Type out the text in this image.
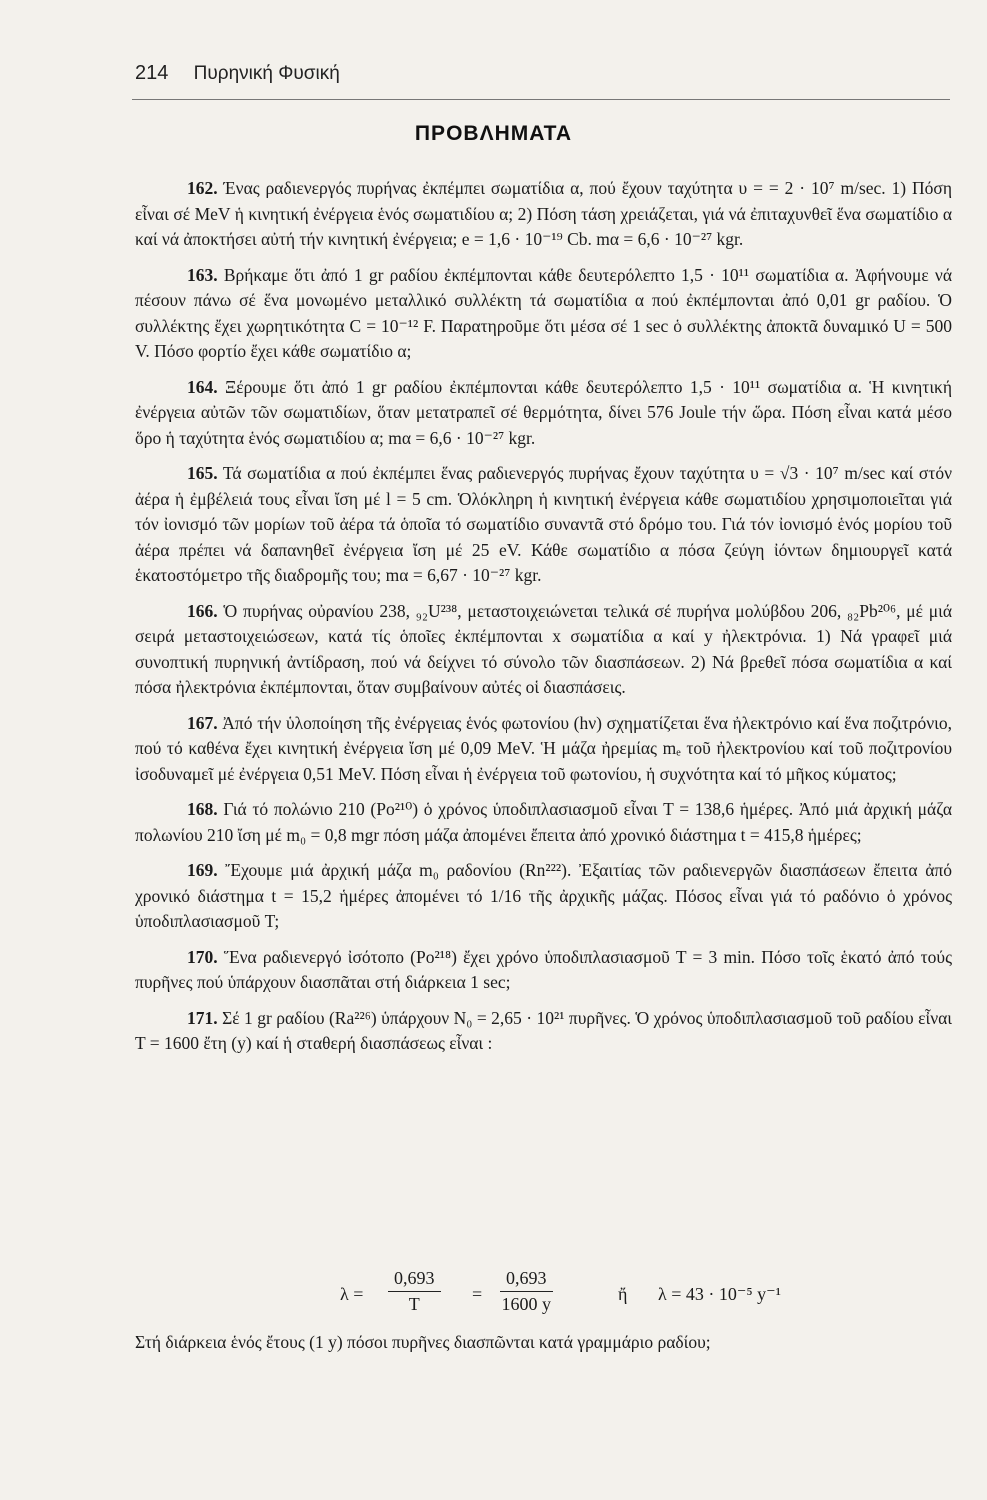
214 Πυρηνική Φυσική
ΠΡΟΒΛΗΜΑΤΑ

162. Ένας ραδιενεργός πυρήνας ἐκπέμπει σωματίδια α, πού ἔχουν ταχύτητα υ = = 2 · 10⁷ m/sec. 1) Πόση εἶναι σέ MeV ἡ κινητική ἐνέργεια ἑνός σωματιδίου α; 2) Πόση τάση χρειάζεται, γιά νά ἐπιταχυνθεῖ ἕνα σωματίδιο α καί νά ἀποκτήσει αὐτή τήν κινητική ἐνέργεια; e = 1,6 · 10⁻¹⁹ Cb. mα = 6,6 · 10⁻²⁷ kgr.

163. Βρήκαμε ὅτι ἀπό 1 gr ραδίου ἐκπέμπονται κάθε δευτερόλεπτο 1,5 · 10¹¹ σωματίδια α. Ἀφήνουμε νά πέσουν πάνω σέ ἕνα μονωμένο μεταλλικό συλλέκτη τά σωματίδια α πού ἐκπέμπονται ἀπό 0,01 gr ραδίου. Ὁ συλλέκτης ἔχει χωρητικότητα C = 10⁻¹² F. Παρατηροῦμε ὅτι μέσα σέ 1 sec ὁ συλλέκτης ἀποκτᾶ δυναμικό U = 500 V. Πόσο φορτίο ἔχει κάθε σωματίδιο α;

164. Ξέρουμε ὅτι ἀπό 1 gr ραδίου ἐκπέμπονται κάθε δευτερόλεπτο 1,5 · 10¹¹ σωματίδια α. Ἡ κινητική ἐνέργεια αὐτῶν τῶν σωματιδίων, ὅταν μετατραπεῖ σέ θερμότητα, δίνει 576 Joule τήν ὥρα. Πόση εἶναι κατά μέσο ὅρο ἡ ταχύτητα ἑνός σωματιδίου α; mα = 6,6 · 10⁻²⁷ kgr.

165. Τά σωματίδια α πού ἐκπέμπει ἕνας ραδιενεργός πυρήνας ἔχουν ταχύτητα υ = √3 · 10⁷ m/sec καί στόν ἀέρα ἡ ἐμβέλειά τους εἶναι ἴση μέ l = 5 cm. Ὁλόκληρη ἡ κινητική ἐνέργεια κάθε σωματιδίου χρησιμοποιεῖται γιά τόν ἰονισμό τῶν μορίων τοῦ ἀέρα τά ὁποῖα τό σωματίδιο συναντᾶ στό δρόμο του. Γιά τόν ἰονισμό ἑνός μορίου τοῦ ἀέρα πρέπει νά δαπανηθεῖ ἐνέργεια ἴση μέ 25 eV. Κάθε σωματίδιο α πόσα ζεύγη ἰόντων δημιουργεῖ κατά ἑκατοστόμετρο τῆς διαδρομῆς του; mα = 6,67 · 10⁻²⁷ kgr.

166. Ὁ πυρήνας οὐρανίου 238, ₉₂U²³⁸, μεταστοιχειώνεται τελικά σέ πυρήνα μολύβδου 206, ₈₂Pb²⁰⁶, μέ μιά σειρά μεταστοιχειώσεων, κατά τίς ὁποῖες ἐκπέμπονται x σωματίδια α καί y ἠλεκτρόνια. 1) Νά γραφεῖ μιά συνοπτική πυρηνική ἀντίδραση, πού νά δείχνει τό σύνολο τῶν διασπάσεων. 2) Νά βρεθεῖ πόσα σωματίδια α καί πόσα ἠλεκτρόνια ἐκπέμπονται, ὅταν συμβαίνουν αὐτές οἱ διασπάσεις.

167. Ἀπό τήν ὑλοποίηση τῆς ἐνέργειας ἑνός φωτονίου (hν) σχηματίζεται ἕνα ἠλεκτρόνιο καί ἕνα ποζιτρόνιο, πού τό καθένα ἔχει κινητική ἐνέργεια ἴση μέ 0,09 MeV. Ἡ μάζα ἠρεμίας mₑ τοῦ ἠλεκτρονίου καί τοῦ ποζιτρονίου ἰσοδυναμεῖ μέ ἐνέργεια 0,51 MeV. Πόση εἶναι ἡ ἐνέργεια τοῦ φωτονίου, ἡ συχνότητα καί τό μῆκος κύματος;

168. Γιά τό πολώνιο 210 (Po²¹⁰) ὁ χρόνος ὑποδιπλασιασμοῦ εἶναι T = 138,6 ἡμέρες. Ἀπό μιά ἀρχική μάζα πολωνίου 210 ἴση μέ m₀ = 0,8 mgr πόση μάζα ἀπομένει ἔπειτα ἀπό χρονικό διάστημα t = 415,8 ἡμέρες;

169. Ἔχουμε μιά ἀρχική μάζα m₀ ραδονίου (Rn²²²). Ἐξαιτίας τῶν ραδιενεργῶν διασπάσεων ἔπειτα ἀπό χρονικό διάστημα t = 15,2 ἡμέρες ἀπομένει τό 1/16 τῆς ἀρχικῆς μάζας. Πόσος εἶναι γιά τό ραδόνιο ὁ χρόνος ὑποδιπλασιασμοῦ T;

170. Ἕνα ραδιενεργό ἰσότοπο (Po²¹⁸) ἔχει χρόνο ὑποδιπλασιασμοῦ T = 3 min. Πόσο τοῖς ἑκατό ἀπό τούς πυρῆνες πού ὑπάρχουν διασπᾶται στή διάρκεια 1 sec;

171. Σέ 1 gr ραδίου (Ra²²⁶) ὑπάρχουν N₀ = 2,65 · 10²¹ πυρῆνες. Ὁ χρόνος ὑποδιπλασιασμοῦ τοῦ ραδίου εἶναι T = 1600 ἔτη (y) καί ἡ σταθερή διασπάσεως εἶναι :

$\lambda = \frac{0,693}{T} = \frac{0,693}{1600 y}$	ἤ λ = 43 · 10⁻⁵ y⁻¹
Στή διάρκεια ἑνός ἔτους (1 y) πόσοι πυρῆνες διασπῶνται κατά γραμμάριο ραδίου;
